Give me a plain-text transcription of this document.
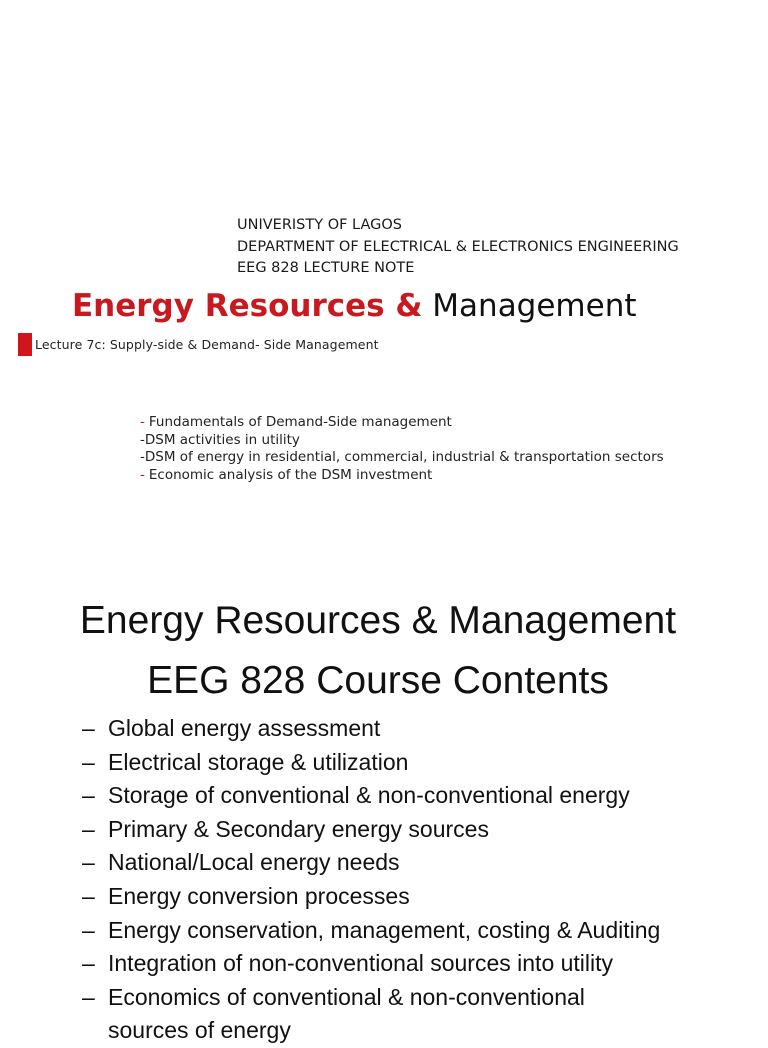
UNIVERISTY OF LAGOS
DEPARTMENT OF ELECTRICAL & ELECTRONICS ENGINEERING
EEG 828 LECTURE NOTE
Energy Resources & Management
Lecture 7c: Supply-side & Demand- Side Management
- Fundamentals of Demand-Side management
-DSM activities in utility
-DSM of energy in residential, commercial, industrial & transportation sectors
- Economic analysis of the DSM investment
Energy Resources & Management
EEG 828 Course Contents
– Global energy assessment
– Electrical storage & utilization
– Storage of conventional & non-conventional energy
– Primary & Secondary energy sources
– National/Local energy needs
– Energy conversion processes
– Energy conservation, management, costing & Auditing
– Integration of non-conventional sources into utility
– Economics of conventional & non-conventional
sources of energy
